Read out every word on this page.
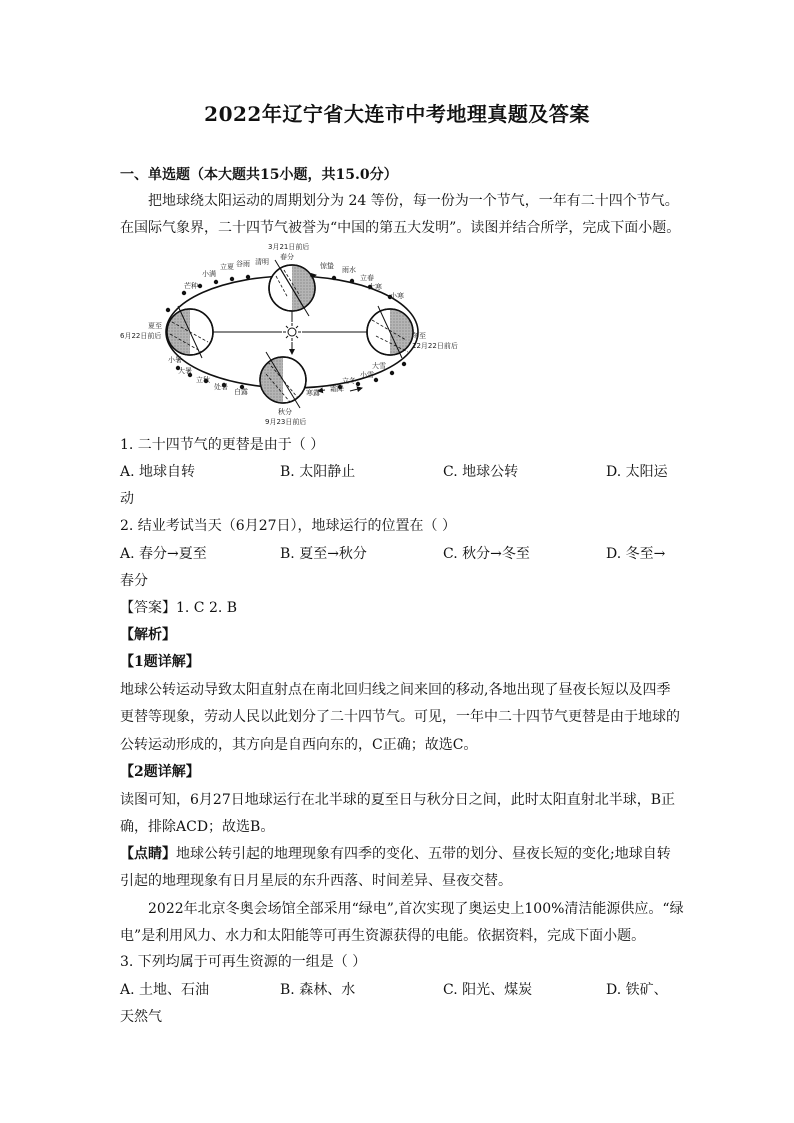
2022年辽宁省大连市中考地理真题及答案
一、单选题（本大题共15小题，共15.0分）
把地球绕太阳运动的周期划分为 24 等份，每一份为一个节气，一年有二十四个节气。
在国际气象界，二十四节气被誉为“中国的第五大发明”。读图并结合所学，完成下面小题。
3月21日前后
春分
夏至
6月22日前后	冬至
12月22日前后
秋分
9月23日前后
立夏 谷雨 清明	惊蛰 雨水
立春
大寒
小寒
小满
芒种
小暑
大暑
立秋
处暑
白露	寒露 霜降
立冬
小雪
大雪
1. 二十四节气的更替是由于（ ）
A. 地球自转	B. 太阳静止	C. 地球公转	D. 太阳运
动
2. 结业考试当天（6月27日），地球运行的位置在（ ）
A. 春分→夏至	B. 夏至→秋分	C. 秋分→冬至	D. 冬至→
春分
【答案】1. C 2. B
【解析】
【1题详解】
地球公转运动导致太阳直射点在南北回归线之间来回的移动,各地出现了昼夜长短以及四季
更替等现象，劳动人民以此划分了二十四节气。可见，一年中二十四节气更替是由于地球的
公转运动形成的，其方向是自西向东的，C正确；故选C。
【2题详解】
读图可知，6月27日地球运行在北半球的夏至日与秋分日之间，此时太阳直射北半球，B正
确，排除ACD；故选B。
【点睛】地球公转引起的地理现象有四季的变化、五带的划分、昼夜长短的变化;地球自转
引起的地理现象有日月星辰的东升西落、时间差异、昼夜交替。
2022年北京冬奥会场馆全部采用“绿电”,首次实现了奥运史上100%清洁能源供应。“绿
电”是利用风力、水力和太阳能等可再生资源获得的电能。依据资料，完成下面小题。
3. 下列均属于可再生资源的一组是（ ）
A. 土地、石油	B. 森林、水	C. 阳光、煤炭	D. 铁矿、
天然气
